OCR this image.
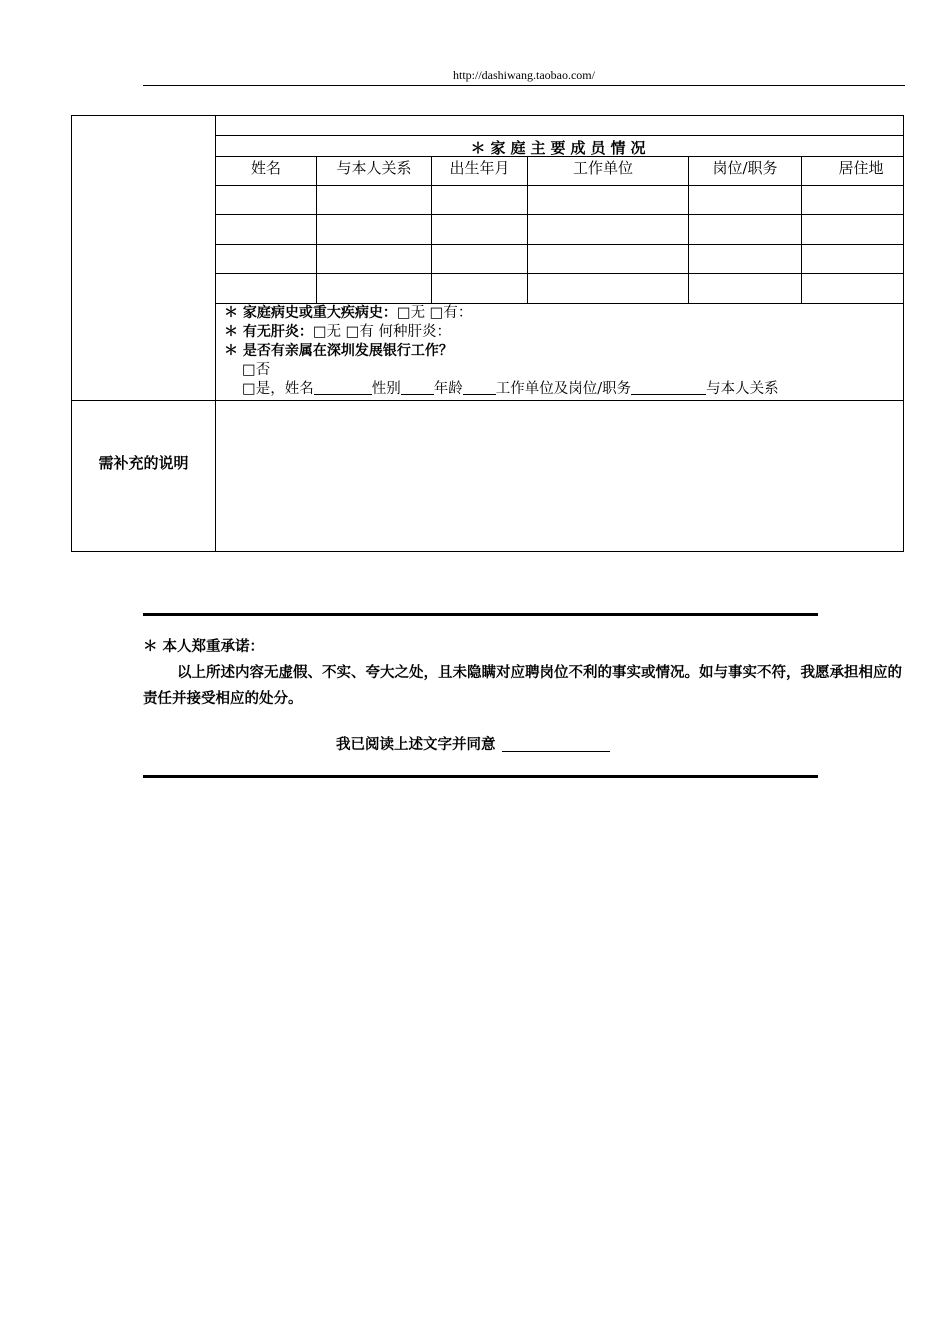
http://dashiwang.taobao.com/
＊家庭主要成员情况
姓名	与本人关系	出生年月	工作单位	岗位/职务	居住地
＊ 家庭病史或重大疾病史：□无 □有：
＊ 有无肝炎：□无 □有 何种肝炎：
＊ 是否有亲属在深圳发展银行工作？
□否
□是，姓名	性别 年龄 工作单位及岗位/职务	与本人关系
需补充的说明
＊ 本人郑重承诺：
以上所述内容无虚假、不实、夸大之处，且未隐瞒对应聘岗位不利的事实或情况。如与事实不符，我愿承担相应的责任并接受相应的处分。
我已阅读上述文字并同意
